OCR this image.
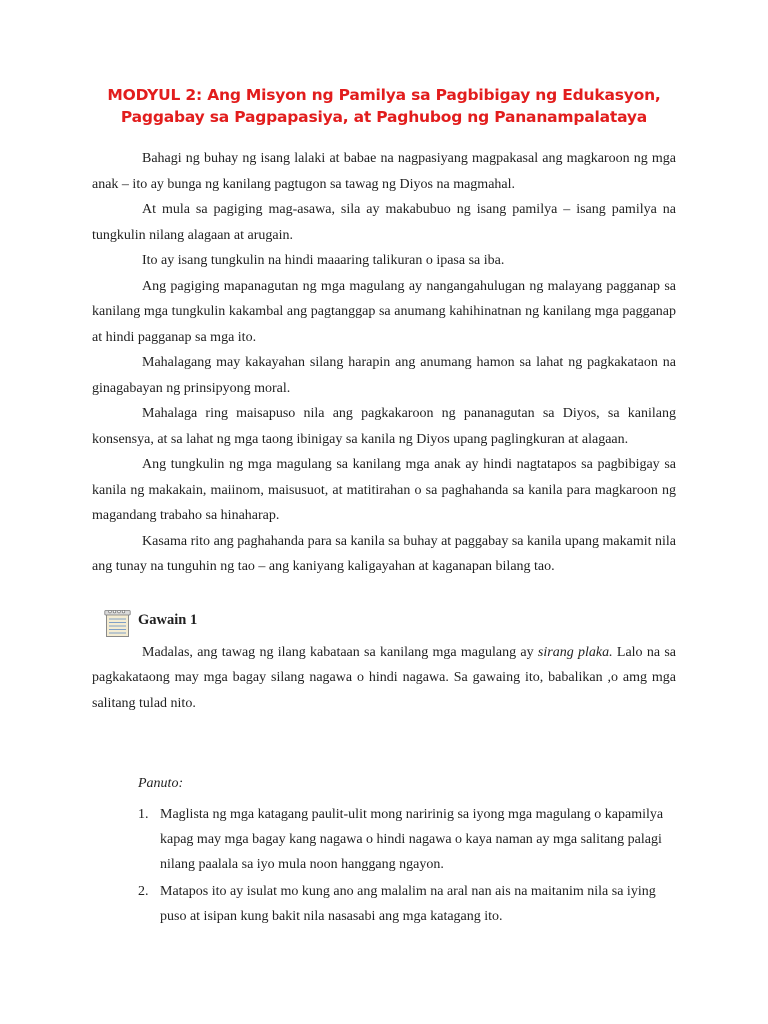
MODYUL 2: Ang Misyon ng Pamilya sa Pagbibigay ng Edukasyon, Paggabay sa Pagpapasiya, at Paghubog ng Pananampalataya

Bahagi ng buhay ng isang lalaki at babae na nagpasiyang magpakasal ang magkaroon ng mga anak – ito ay bunga ng kanilang pagtugon sa tawag ng Diyos na magmahal.

At mula sa pagiging mag-asawa, sila ay makabubuo ng isang pamilya – isang pamilya na tungkulin nilang alagaan at arugain.

Ito ay isang tungkulin na hindi maaaring talikuran o ipasa sa iba.

Ang pagiging mapanagutan ng mga magulang ay nangangahulugan ng malayang pagganap sa kanilang mga tungkulin kakambal ang pagtanggap sa anumang kahihinatnan ng kanilang mga pagganap at hindi pagganap sa mga ito.

Mahalagang may kakayahan silang harapin ang anumang hamon sa lahat ng pagkakataon na ginagabayan ng prinsipyong moral.

Mahalaga ring maisapuso nila ang pagkakaroon ng pananagutan sa Diyos, sa kanilang konsensya, at sa lahat ng mga taong ibinigay sa kanila ng Diyos upang paglingkuran at alagaan.

Ang tungkulin ng mga magulang sa kanilang mga anak ay hindi nagtatapos sa pagbibigay sa kanila ng makakain, maiinom, maisusuot, at matitirahan o sa paghahanda sa kanila para magkaroon ng magandang trabaho sa hinaharap.

Kasama rito ang paghahanda para sa kanila sa buhay at paggabay sa kanila upang makamit nila ang tunay na tunguhin ng tao – ang kaniyang kaligayahan at kaganapan bilang tao.

Gawain 1

Madalas, ang tawag ng ilang kabataan sa kanilang mga magulang ay sirang plaka. Lalo na sa pagkakataong may mga bagay silang nagawa o hindi nagawa. Sa gawaing ito, babalikan ,o amg mga salitang tulad nito.

Panuto:
1. Maglista ng mga katagang paulit-ulit mong naririnig sa iyong mga magulang o kapamilya kapag may mga bagay kang nagawa o hindi nagawa o kaya naman ay mga salitang palagi nilang paalala sa iyo mula noon hanggang ngayon.
2. Matapos ito ay isulat mo kung ano ang malalim na aral nan ais na maitanim nila sa iying puso at isipan kung bakit nila nasasabi ang mga katagang ito.
